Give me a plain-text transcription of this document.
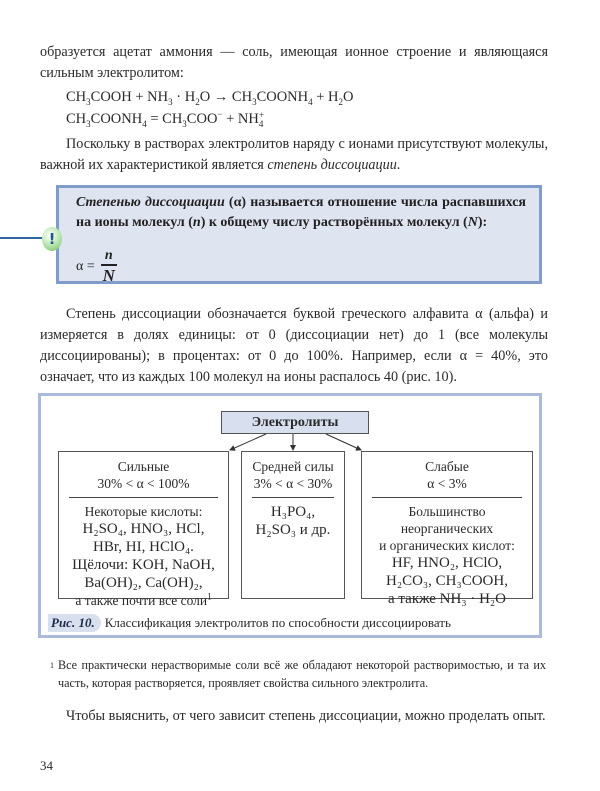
образуется ацетат аммония — соль, имеющая ионное строение и являющаяся сильным электролитом:
$CH_3COOH + NH_3 \cdot H_2O$ → $CH_3COONH_4 + H_2O$
$CH_3COONH_4 = CH_3COO^-$ + NH +
4
Поскольку в растворах электролитов наряду с ионами присутствуют молекулы, важной их характеристикой является степень диссоциации.
!
Степенью диссоциации (α) называется отношение числа распавшихся на ионы молекул (n) к общему числу растворённых молекул (N):
$\alpha = \frac{n}{N}$
Степень диссоциации обозначается буквой греческого алфавита α (альфа) и измеряется в долях единицы: от 0 (диссоциации нет) до 1 (все молекулы диссоциированы); в процентах: от 0 до 100%. Например, если α = 40%, это означает, что из каждых 100 молекул на ионы распалось 40 (рис. 10).
Электролиты
Сильные
30% < α < 100%
Некоторые кислоты:
H₂SO₄, HNO₃, HCl,
HBr, HI, HClO₄.
Щёлочи: KOH, NaOH,
Ba(OH)₂, Ca(OH)₂,
а также почти все соли$^1$
Средней силы
3% < α < 30%
H₃PO₄,
H₂SO₃ и др.
Слабые
α < 3%
Большинство
неорганических
и органических кислот:
HF, HNO₂, HClO,
H₂CO₃, CH₃COOH,
а также NH₃ · H₂O
Рис. 10. Классификация электролитов по способности диссоциировать
1 Все практически нерастворимые соли всё же обладают некоторой растворимостью, и та их часть, которая растворяется, проявляет свойства сильного электролита.
Чтобы выяснить, от чего зависит степень диссоциации, можно проделать опыт.
34
